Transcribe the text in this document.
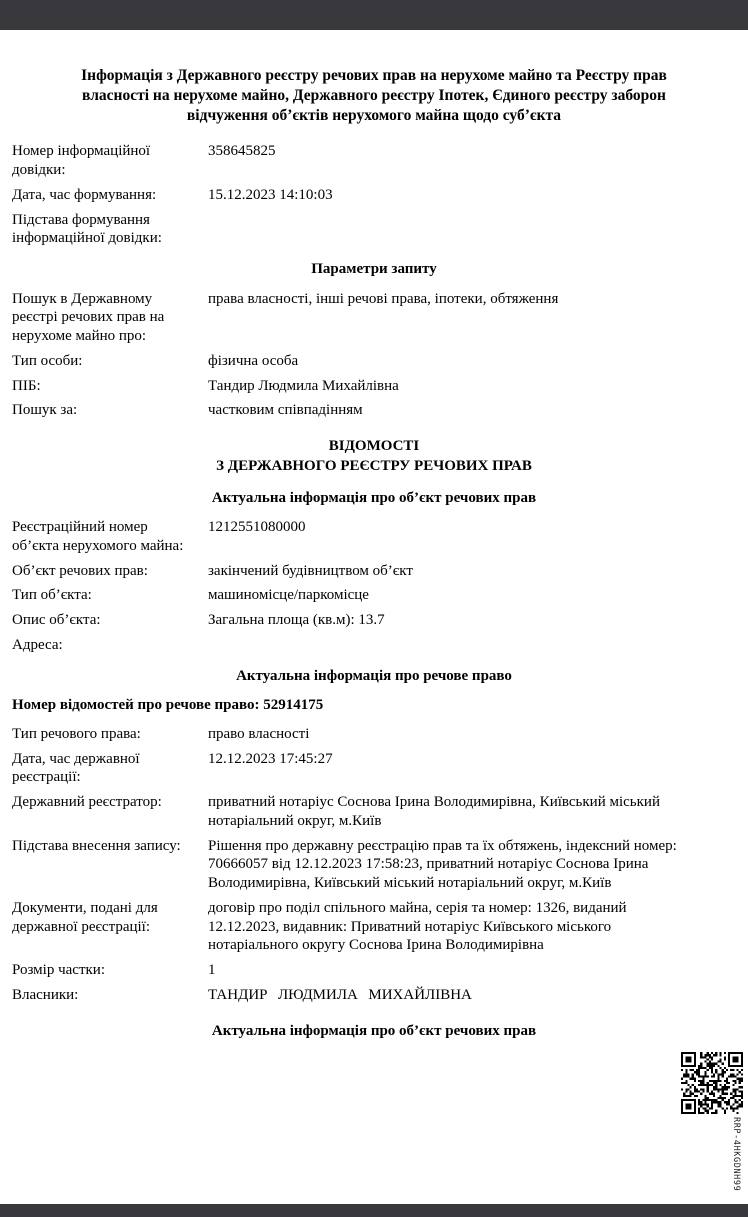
Інформація з Державного реєстру речових прав на нерухоме майно та Реєстру прав власності на нерухоме майно, Державного реєстру Іпотек, Єдиного реєстру заборон відчуження об’єктів нерухомого майна щодо суб’єкта
Номер інформаційної довідки:
358645825
Дата, час формування:	15.12.2023 14:10:03
Підстава формування інформаційної довідки:
Параметри запиту
Пошук в Державному реєстрі речових прав на нерухоме майно про:
права власності, інші речові права, іпотеки, обтяження
Тип особи:	фізична особа
ПІБ:	Тандир Людмила Михайлівна
Пошук за:	частковим співпадінням
ВІДОМОСТІ
З ДЕРЖАВНОГО РЕЄСТРУ РЕЧОВИХ ПРАВ
Актуальна інформація про об’єкт речових прав
Реєстраційний номер об’єкта нерухомого майна:
1212551080000
Об’єкт речових прав:	закінчений будівництвом об’єкт
Тип об’єкта:	машиномісце/паркомісце
Опис об’єкта:	Загальна площа (кв.м): 13.7
Адреса:
Актуальна інформація про речове право
Номер відомостей про речове право: 52914175
Тип речового права:	право власності
Дата, час державної реєстрації:
12.12.2023 17:45:27
Державний реєстратор:	приватний нотаріус Соснова Ірина Володимирівна, Київський міський нотаріальний округ, м.Київ
Підстава внесення запису:	Рішення про державну реєстрацію прав та їх обтяжень, індексний номер: 70666057 від 12.12.2023 17:58:23, приватний нотаріус Соснова Ірина Володимирівна, Київський міський нотаріальний округ, м.Київ
Документи, подані для державної реєстрації:
договір про поділ спільного майна, серія та номер: 1326, виданий 12.12.2023, видавник: Приватний нотаріус Київського міського нотаріального округу Соснова Ірина Володимирівна
Розмір частки:	1
Власники:	ТАНДИР ЛЮДМИЛА МИХАЙЛІВНА
Актуальна інформація про об’єкт речових прав
RRP-4HKGDNH99
